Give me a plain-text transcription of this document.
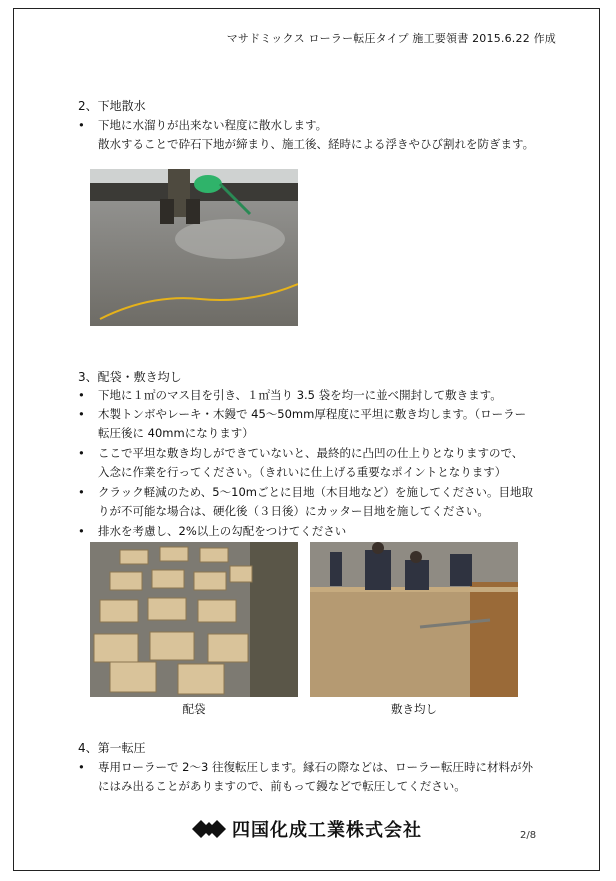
マサドミックス ローラー転圧タイプ 施工要領書 2015.6.22 作成
2、下地散水
• 下地に水溜りが出来ない程度に散水します。
散水することで砕石下地が締まり、施工後、経時による浮きやひび割れを防ぎます。
3、配袋・敷き均し
• 下地に１㎡のマス目を引き、１㎡当り 3.5 袋を均一に並べ開封して敷きます。
• 木製トンボやレーキ・木鏝で 45〜50mm厚程度に平坦に敷き均します。（ローラー
転圧後に 40mmになります）
• ここで平坦な敷き均しができていないと、最終的に凸凹の仕上りとなりますので、
入念に作業を行ってください。（きれいに仕上げる重要なポイントとなります）
• クラック軽減のため、5〜10mごとに目地（木目地など）を施してください。目地取
りが不可能な場合は、硬化後（３日後）にカッター目地を施してください。
• 排水を考慮し、2%以上の勾配をつけてください
配袋	敷き均し
4、第一転圧
• 専用ローラーで 2〜3 往復転圧します。縁石の際などは、ローラー転圧時に材料が外
にはみ出ることがありますので、前もって鏝などで転圧してください。
四国化成工業株式会社	2/8
